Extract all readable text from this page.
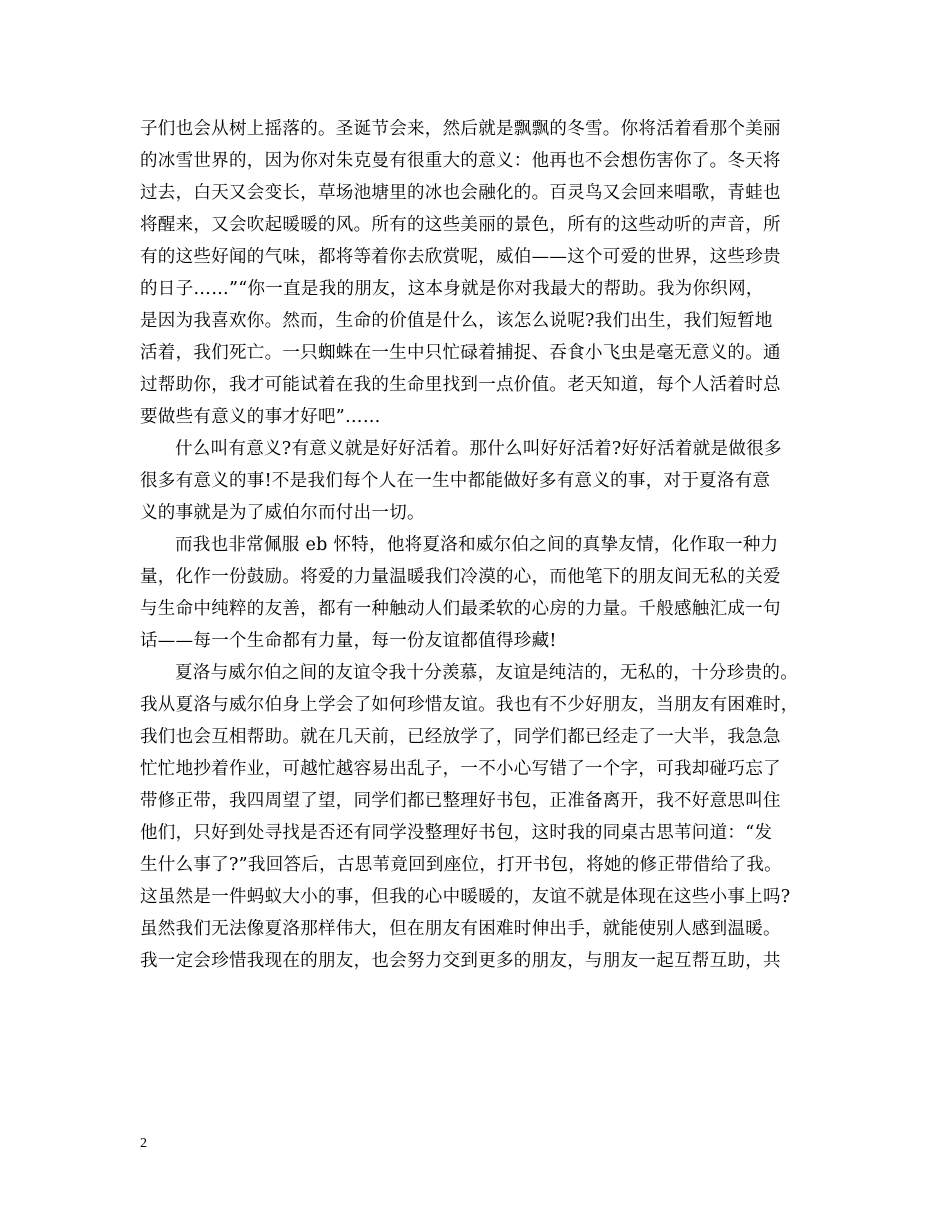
子们也会从树上摇落的。圣诞节会来，然后就是飘飘的冬雪。你将活着看那个美丽
的冰雪世界的，因为你对朱克曼有很重大的意义：他再也不会想伤害你了。冬天将
过去，白天又会变长，草场池塘里的冰也会融化的。百灵鸟又会回来唱歌，青蛙也
将醒来，又会吹起暖暖的风。所有的这些美丽的景色，所有的这些动听的声音，所
有的这些好闻的气味，都将等着你去欣赏呢，威伯——这个可爱的世界，这些珍贵
的日子……”“你一直是我的朋友，这本身就是你对我最大的帮助。我为你织网，
是因为我喜欢你。然而，生命的价值是什么，该怎么说呢?我们出生，我们短暂地
活着，我们死亡。一只蜘蛛在一生中只忙碌着捕捉、吞食小飞虫是毫无意义的。通
过帮助你，我才可能试着在我的生命里找到一点价值。老天知道，每个人活着时总
要做些有意义的事才好吧”……
什么叫有意义?有意义就是好好活着。那什么叫好好活着?好好活着就是做很多
很多有意义的事!不是我们每个人在一生中都能做好多有意义的事，对于夏洛有意
义的事就是为了威伯尔而付出一切。
而我也非常佩服 eb 怀特，他将夏洛和威尔伯之间的真挚友情，化作取一种力
量，化作一份鼓励。将爱的力量温暖我们冷漠的心，而他笔下的朋友间无私的关爱
与生命中纯粹的友善，都有一种触动人们最柔软的心房的力量。千般感触汇成一句
话——每一个生命都有力量，每一份友谊都值得珍藏!
夏洛与威尔伯之间的友谊令我十分羡慕，友谊是纯洁的，无私的，十分珍贵的。
我从夏洛与威尔伯身上学会了如何珍惜友谊。我也有不少好朋友，当朋友有困难时，
我们也会互相帮助。就在几天前，已经放学了，同学们都已经走了一大半，我急急
忙忙地抄着作业，可越忙越容易出乱子，一不小心写错了一个字，可我却碰巧忘了
带修正带，我四周望了望，同学们都已整理好书包，正准备离开，我不好意思叫住
他们，只好到处寻找是否还有同学没整理好书包，这时我的同桌古思苇问道：“发
生什么事了?”我回答后，古思苇竟回到座位，打开书包，将她的修正带借给了我。
这虽然是一件蚂蚁大小的事，但我的心中暖暖的，友谊不就是体现在这些小事上吗?
虽然我们无法像夏洛那样伟大，但在朋友有困难时伸出手，就能使别人感到温暖。
我一定会珍惜我现在的朋友，也会努力交到更多的朋友，与朋友一起互帮互助，共
2
